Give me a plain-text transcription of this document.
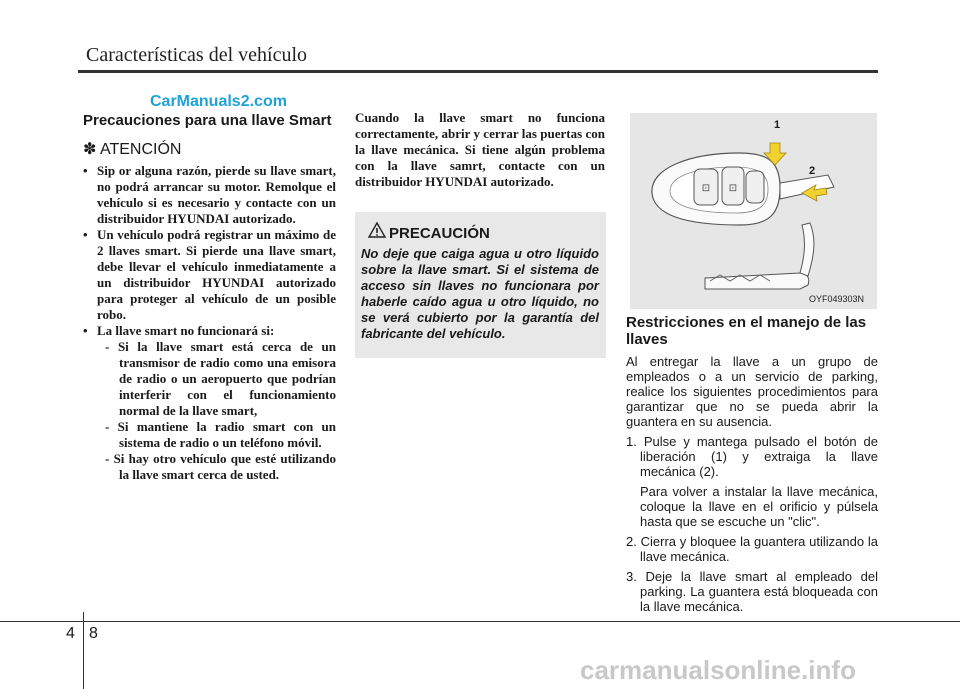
Características del vehículo
CarManuals2.com
Precauciones para una llave Smart
✽ ATENCIÓN
• Sip or alguna razón, pierde su llave smart, no podrá arrancar su motor. Remolque el vehículo si es necesario y contacte con un distribuidor HYUNDAI autorizado.
• Un vehículo podrá registrar un máximo de 2 llaves smart. Si pierde una llave smart, debe llevar el vehículo inmediatamente a un distribuidor HYUNDAI autorizado para proteger al vehículo de un posible robo.
• La llave smart no funcionará si:
- Si la llave smart está cerca de un transmisor de radio como una emisora de radio o un aeropuerto que podrían interferir con el funcionamiento normal de la llave smart,
- Si mantiene la radio smart con un sistema de radio o un teléfono móvil.
- Si hay otro vehículo que esté utilizando la llave smart cerca de usted.

Cuando la llave smart no funciona correctamente, abrir y cerrar las puertas con la llave mecánica. Si tiene algún problema con la llave samrt, contacte con un distribuidor HYUNDAI autorizado.

PRECAUCIÓN
No deje que caiga agua u otro líquido sobre la llave smart. Si el sistema de acceso sin llaves no funcionara por haberle caído agua u otro líquido, no se verá cubierto por la garantía del fabricante del vehículo.
⊡ ⊡
1
2
OYF049303N
Restricciones en el manejo de las llaves

Al entregar la llave a un grupo de empleados o a un servicio de parking, realice los siguientes procedimientos para garantizar que no se pueda abrir la guantera en su ausencia.

1. Pulse y mantega pulsado el botón de liberación (1) y extraiga la llave mecánica (2).

Para volver a instalar la llave mecánica, coloque la llave en el orificio y púlsela hasta que se escuche un "clic".

2. Cierra y bloquee la guantera utilizando la llave mecánica.

3. Deje la llave smart al empleado del parking. La guantera está bloqueada con la llave mecánica.

4 8
carmanualsonline.info
